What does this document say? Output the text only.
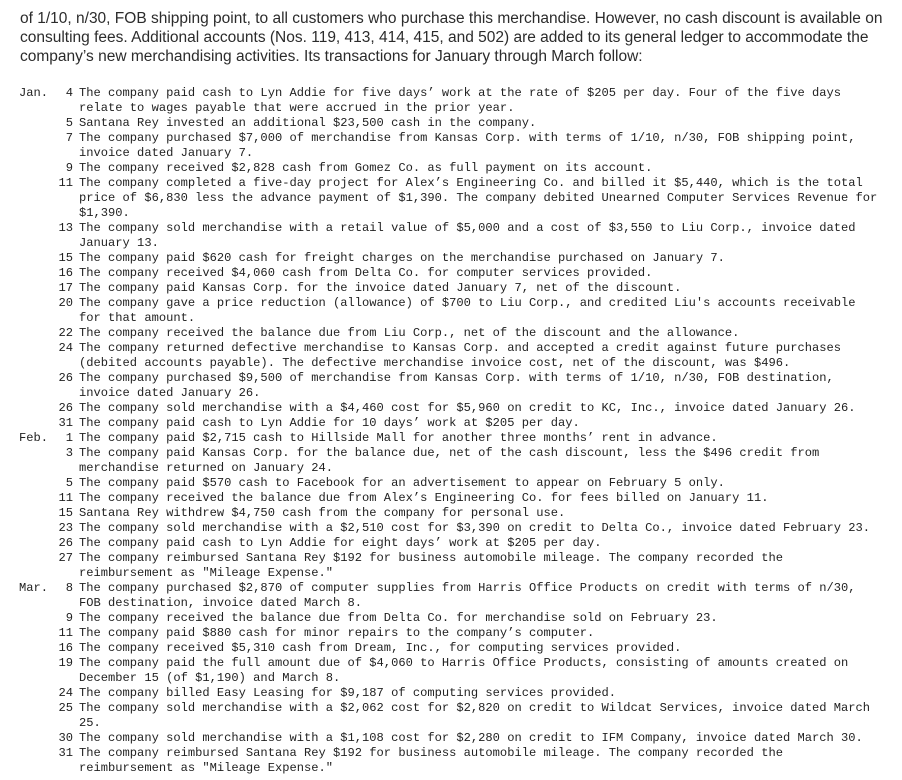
of 1/10, n/30, FOB shipping point, to all customers who purchase this merchandise. However, no cash discount is available on consulting fees. Additional accounts (Nos. 119, 413, 414, 415, and 502) are added to its general ledger to accommodate the company’s new merchandising activities. Its transactions for January through March follow:

Jan.	4 The company paid cash to Lyn Addie for five days’ work at the rate of $205 per day. Four of the five days relate to wages payable that were accrued in the prior year.
5 Santana Rey invested an additional $23,500 cash in the company.
7 The company purchased $7,000 of merchandise from Kansas Corp. with terms of 1/10, n/30, FOB shipping point, invoice dated January 7.
9 The company received $2,828 cash from Gomez Co. as full payment on its account.
11 The company completed a five-day project for Alex’s Engineering Co. and billed it $5,440, which is the total price of $6,830 less the advance payment of $1,390. The company debited Unearned Computer Services Revenue for $1,390.
13 The company sold merchandise with a retail value of $5,000 and a cost of $3,550 to Liu Corp., invoice dated January 13.
15 The company paid $620 cash for freight charges on the merchandise purchased on January 7.
16 The company received $4,060 cash from Delta Co. for computer services provided.
17 The company paid Kansas Corp. for the invoice dated January 7, net of the discount.
20 The company gave a price reduction (allowance) of $700 to Liu Corp., and credited Liu's accounts receivable for that amount.
22 The company received the balance due from Liu Corp., net of the discount and the allowance.
24 The company returned defective merchandise to Kansas Corp. and accepted a credit against future purchases (debited accounts payable). The defective merchandise invoice cost, net of the discount, was $496.
26 The company purchased $9,500 of merchandise from Kansas Corp. with terms of 1/10, n/30, FOB destination, invoice dated January 26.
26 The company sold merchandise with a $4,460 cost for $5,960 on credit to KC, Inc., invoice dated January 26.
31 The company paid cash to Lyn Addie for 10 days’ work at $205 per day.
Feb.	1 The company paid $2,715 cash to Hillside Mall for another three months’ rent in advance.
3 The company paid Kansas Corp. for the balance due, net of the cash discount, less the $496 credit from merchandise returned on January 24.
5 The company paid $570 cash to Facebook for an advertisement to appear on February 5 only.
11 The company received the balance due from Alex’s Engineering Co. for fees billed on January 11.
15 Santana Rey withdrew $4,750 cash from the company for personal use.
23 The company sold merchandise with a $2,510 cost for $3,390 on credit to Delta Co., invoice dated February 23.
26 The company paid cash to Lyn Addie for eight days’ work at $205 per day.
27 The company reimbursed Santana Rey $192 for business automobile mileage. The company recorded the reimbursement as "Mileage Expense."
Mar.	8 The company purchased $2,870 of computer supplies from Harris Office Products on credit with terms of n/30, FOB destination, invoice dated March 8.
9 The company received the balance due from Delta Co. for merchandise sold on February 23.
11 The company paid $880 cash for minor repairs to the company’s computer.
16 The company received $5,310 cash from Dream, Inc., for computing services provided.
19 The company paid the full amount due of $4,060 to Harris Office Products, consisting of amounts created on December 15 (of $1,190) and March 8.
24 The company billed Easy Leasing for $9,187 of computing services provided.
25 The company sold merchandise with a $2,062 cost for $2,820 on credit to Wildcat Services, invoice dated March 25.
30 The company sold merchandise with a $1,108 cost for $2,280 on credit to IFM Company, invoice dated March 30.
31 The company reimbursed Santana Rey $192 for business automobile mileage. The company recorded the reimbursement as "Mileage Expense."
